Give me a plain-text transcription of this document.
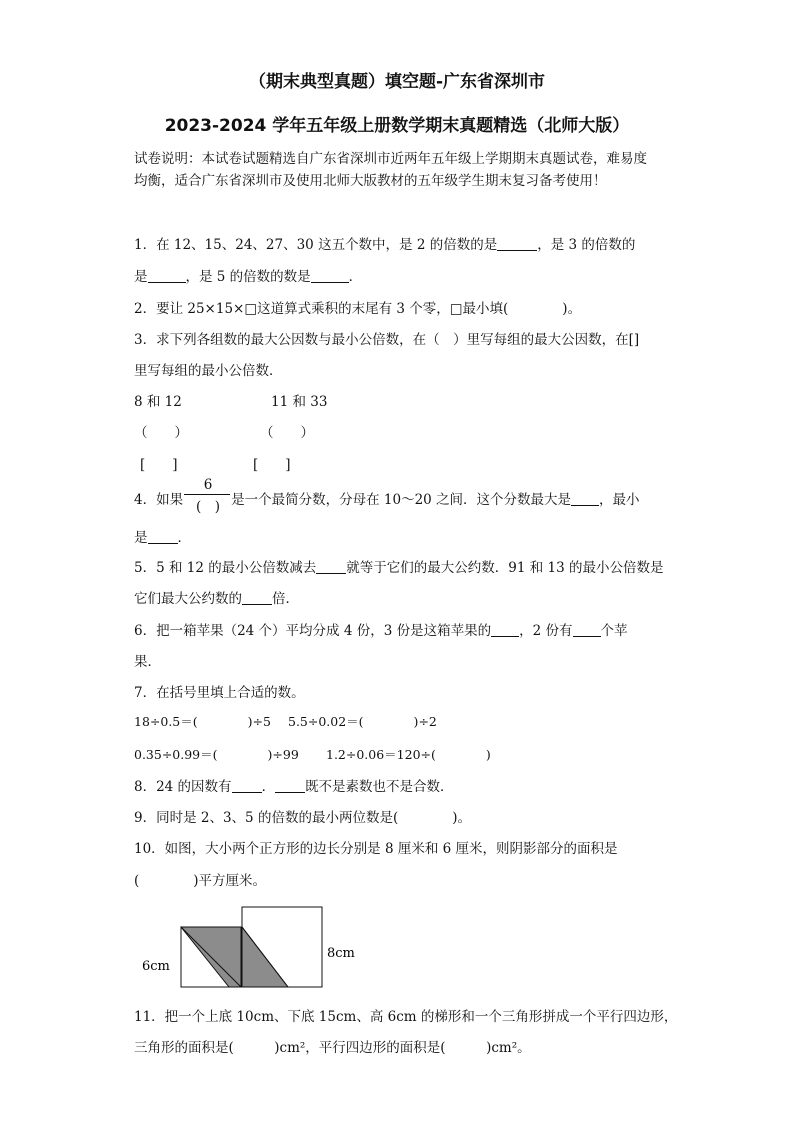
（期末典型真题）填空题-广东省深圳市
2023-2024 学年五年级上册数学期末真题精选（北师大版）
试卷说明：本试卷试题精选自广东省深圳市近两年五年级上学期期末真题试卷，难易度
均衡，适合广东省深圳市及使用北师大版教材的五年级学生期末复习备考使用！
1．在 12、15、24、27、30 这五个数中，是 2 的倍数的是	，是 3 的倍数的
是	，是 5 的倍数的数是	．
2．要让 25×15×□这道算式乘积的末尾有 3 个零，□最小填(　　　　)。
3．求下列各组数的最大公因数与最小公倍数，在（　）里写每组的最大公因数，在[]
里写每组的最小公倍数．
8 和 12	11 和 33
（　　）	（　　）
[　　]	[　　]
4．如果	是一个最简分数，分母在 10～20 之间．这个分数最大是 ，最小
6
(　)
是 ．
5．5 和 12 的最小公倍数减去 就等于它们的最大公约数．91 和 13 的最小公倍数是
它们最大公约数的 倍．
6．把一箱苹果（24 个）平均分成 4 份，3 份是这箱苹果的 ，2 份有 个苹
果．
7．在括号里填上合适的数。
18÷0.5＝(　　　　)÷5 5.5÷0.02＝(　　　　)÷2
0.35÷0.99＝(　　　　)÷99 1.2÷0.06＝120÷(　　　　)
8．24 的因数有 ． 既不是素数也不是合数．
9．同时是 2、3、5 的倍数的最小两位数是(　　　　)。
10．如图，大小两个正方形的边长分别是 8 厘米和 6 厘米，则阴影部分的面积是
(　　　　)平方厘米。
6cm
8cm
11．把一个上底 10cm、下底 15cm、高 6cm 的梯形和一个三角形拼成一个平行四边形，
三角形的面积是(　　　)cm²，平行四边形的面积是(　　　)cm²。
